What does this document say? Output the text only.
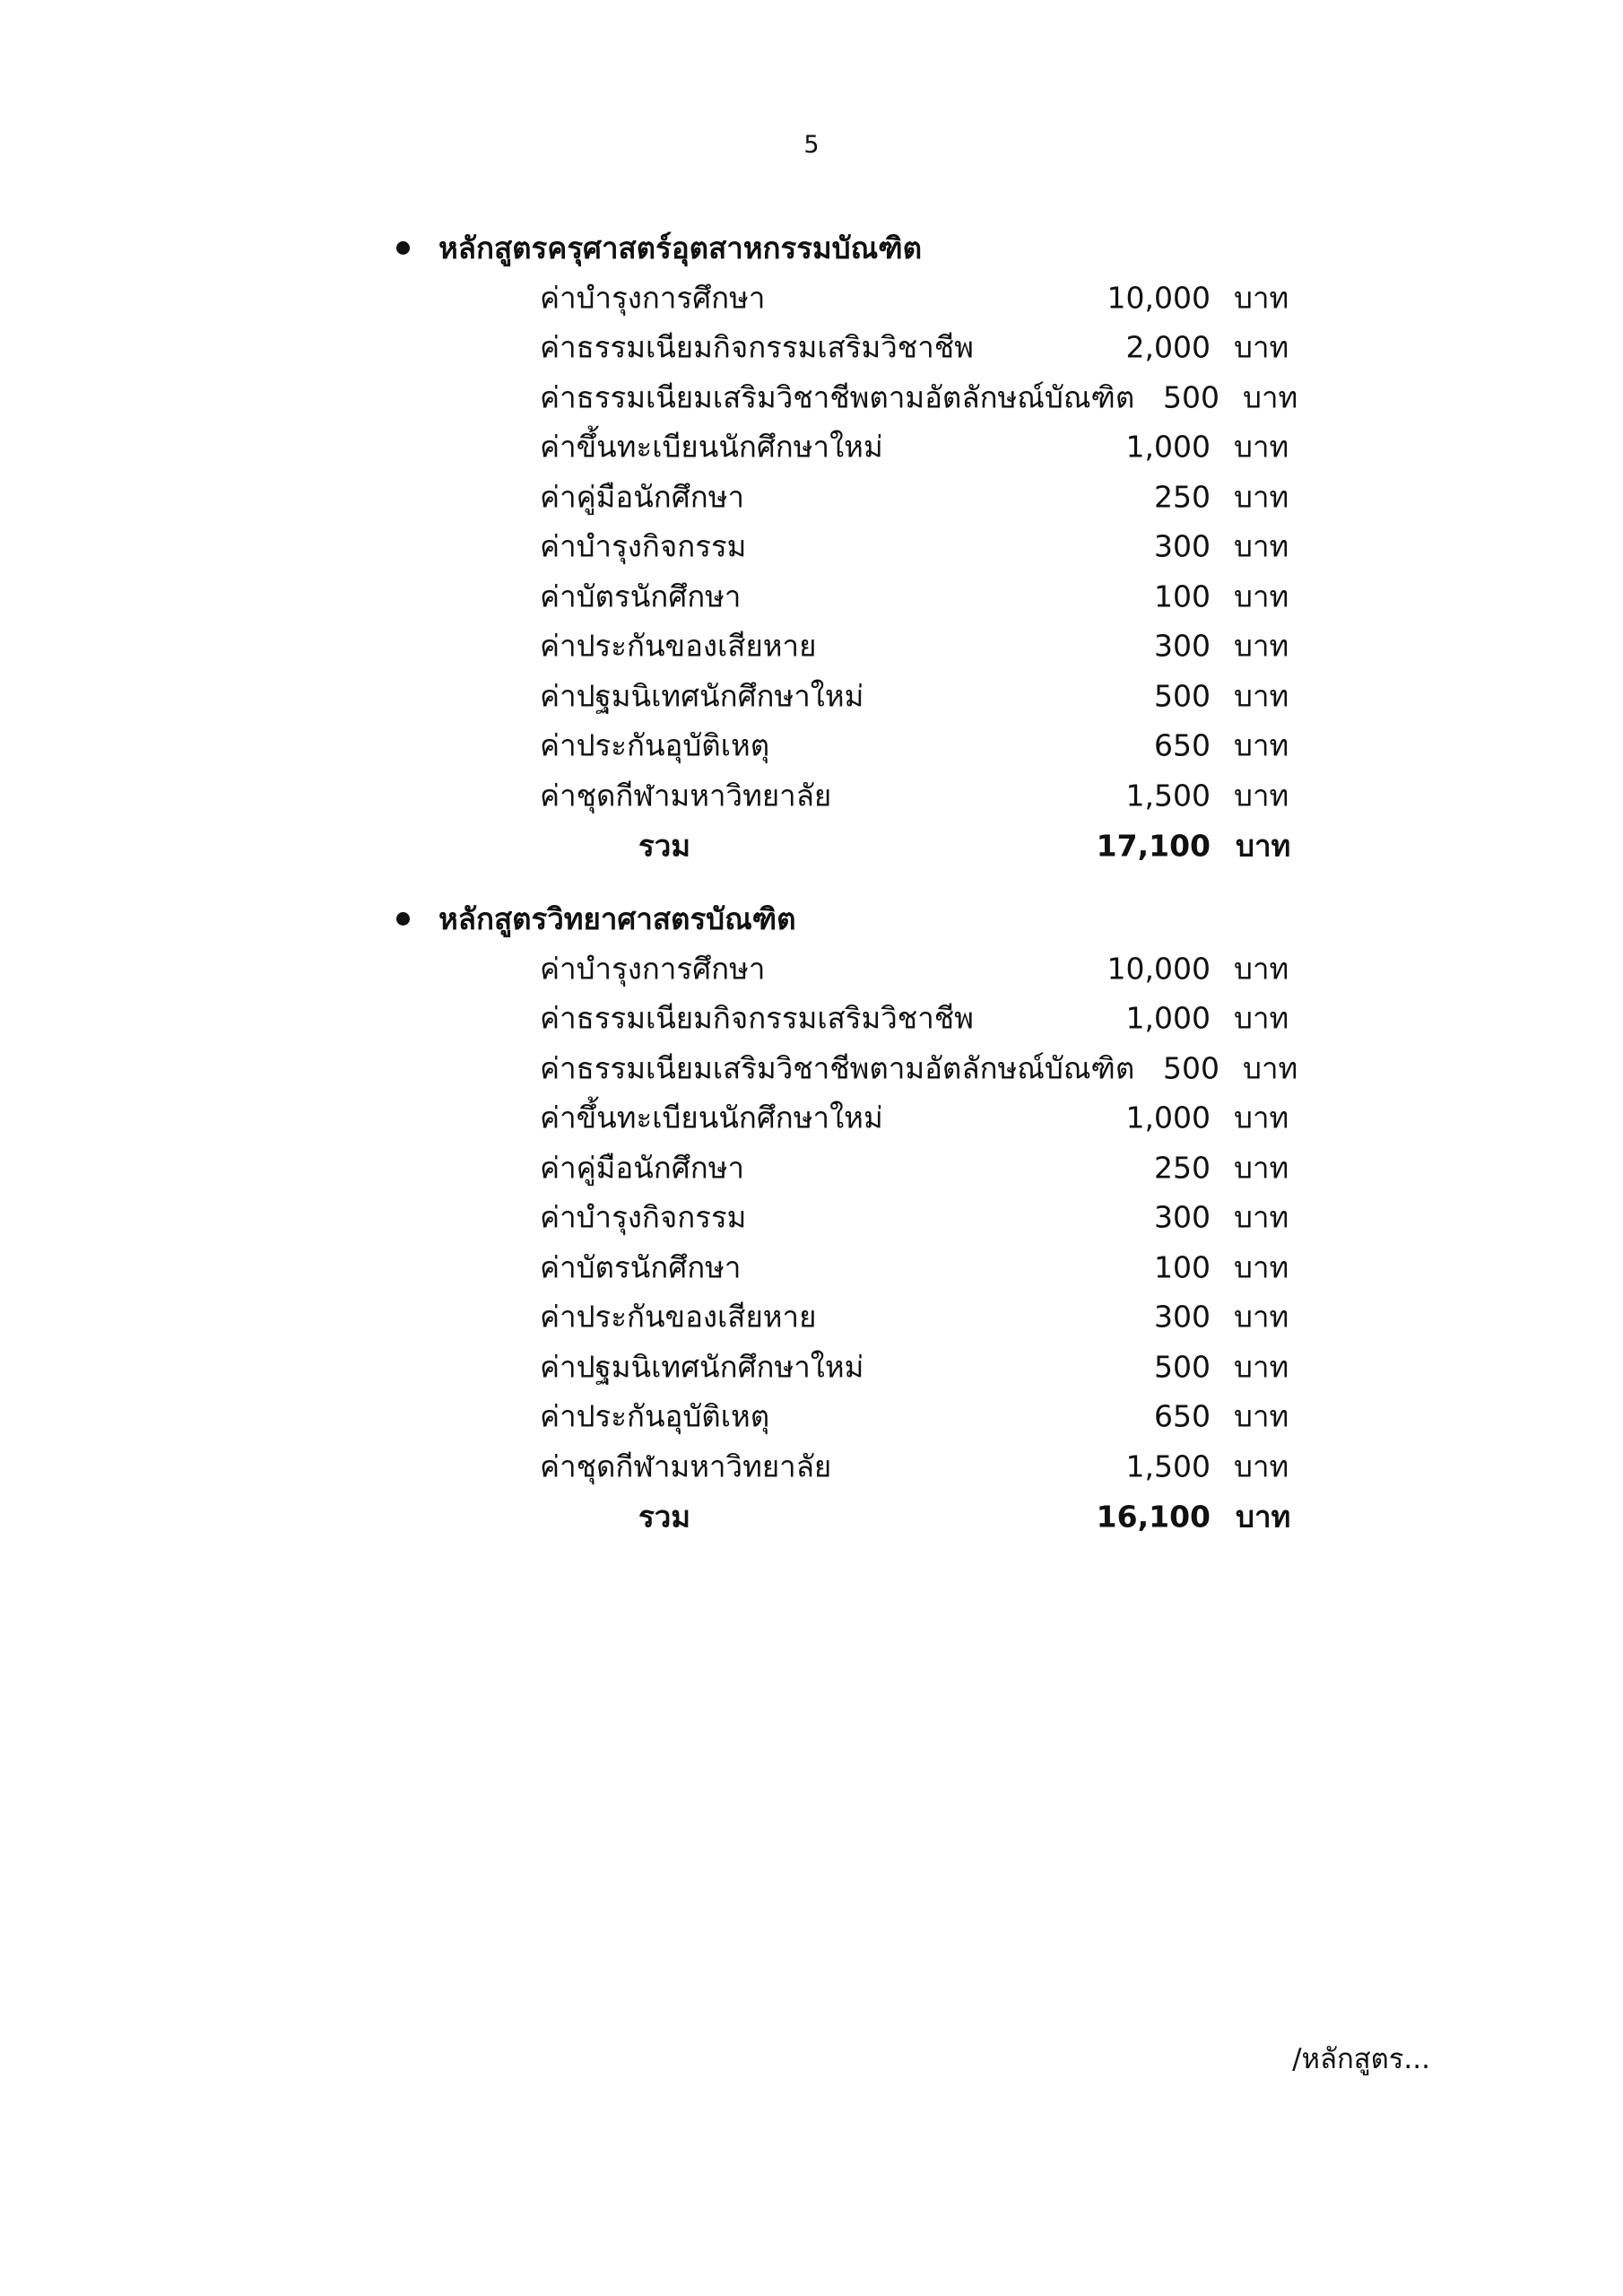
5
หลักสูตรครุศาสตร์อุตสาหกรรมบัณฑิต
ค่าบำรุงการศึกษา	10,000 บาท
ค่าธรรมเนียมกิจกรรมเสริมวิชาชีพ	2,000 บาท
ค่าธรรมเนียมเสริมวิชาชีพตามอัตลักษณ์บัณฑิต 500 บาท
ค่าขึ้นทะเบียนนักศึกษาใหม่	1,000 บาท
ค่าคู่มือนักศึกษา	250 บาท
ค่าบำรุงกิจกรรม	300 บาท
ค่าบัตรนักศึกษา	100 บาท
ค่าประกันของเสียหาย	300 บาท
ค่าปฐมนิเทศนักศึกษาใหม่	500 บาท
ค่าประกันอุบัติเหตุ	650 บาท
ค่าชุดกีฬามหาวิทยาลัย	1,500 บาท
รวม	17,100 บาท
หลักสูตรวิทยาศาสตรบัณฑิต
ค่าบำรุงการศึกษา	10,000 บาท
ค่าธรรมเนียมกิจกรรมเสริมวิชาชีพ	1,000 บาท
ค่าธรรมเนียมเสริมวิชาชีพตามอัตลักษณ์บัณฑิต 500 บาท
ค่าขึ้นทะเบียนนักศึกษาใหม่	1,000 บาท
ค่าคู่มือนักศึกษา	250 บาท
ค่าบำรุงกิจกรรม	300 บาท
ค่าบัตรนักศึกษา	100 บาท
ค่าประกันของเสียหาย	300 บาท
ค่าปฐมนิเทศนักศึกษาใหม่	500 บาท
ค่าประกันอุบัติเหตุ	650 บาท
ค่าชุดกีฬามหาวิทยาลัย	1,500 บาท
รวม	16,100 บาท
/หลักสูตร...
